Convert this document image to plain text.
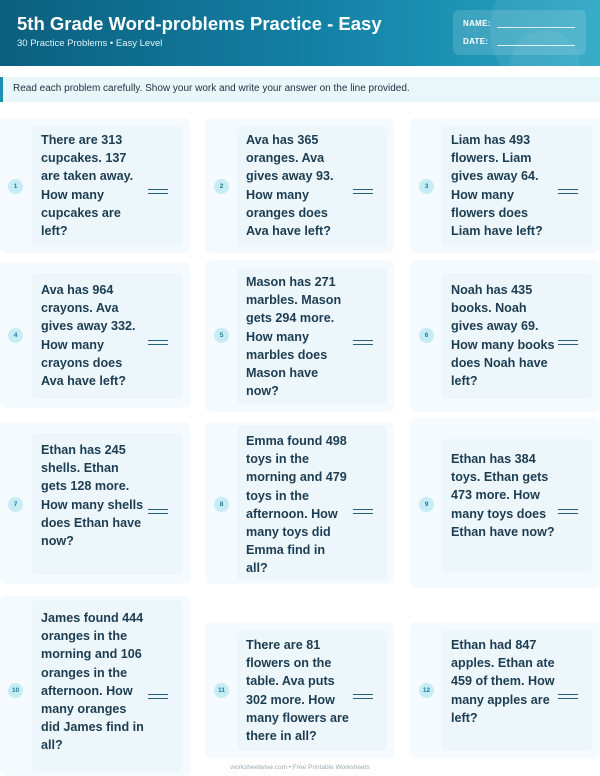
5th Grade Word-problems Practice - Easy
30 Practice Problems • Easy Level
NAME:
DATE:
Read each problem carefully. Show your work and write your answer on the line provided.
There are 313 cupcakes. 137 are taken away. How many cupcakes are left?
1
Ava has 365 oranges. Ava gives away 93. How many oranges does Ava have left?
2
Liam has 493 flowers. Liam gives away 64. How many flowers does Liam have left?
3
Ava has 964 crayons. Ava gives away 332. How many crayons does Ava have left?
4
Mason has 271 marbles. Mason gets 294 more. How many marbles does Mason have now?
5
Noah has 435 books. Noah gives away 69. How many books does Noah have left?
6
Ethan has 245 shells. Ethan gets 128 more. How many shells does Ethan have now?
7
Emma found 498 toys in the morning and 479 toys in the afternoon. How many toys did Emma find in all?
8
Ethan has 384 toys. Ethan gets 473 more. How many toys does Ethan have now?
9
James found 444 oranges in the morning and 106 oranges in the afternoon. How many oranges did James find in all?
10
There are 81 flowers on the table. Ava puts 302 more. How many flowers are there in all?
11
Ethan had 847 apples. Ethan ate 459 of them. How many apples are left?
12
worksheetwise.com • Free Printable Worksheets
